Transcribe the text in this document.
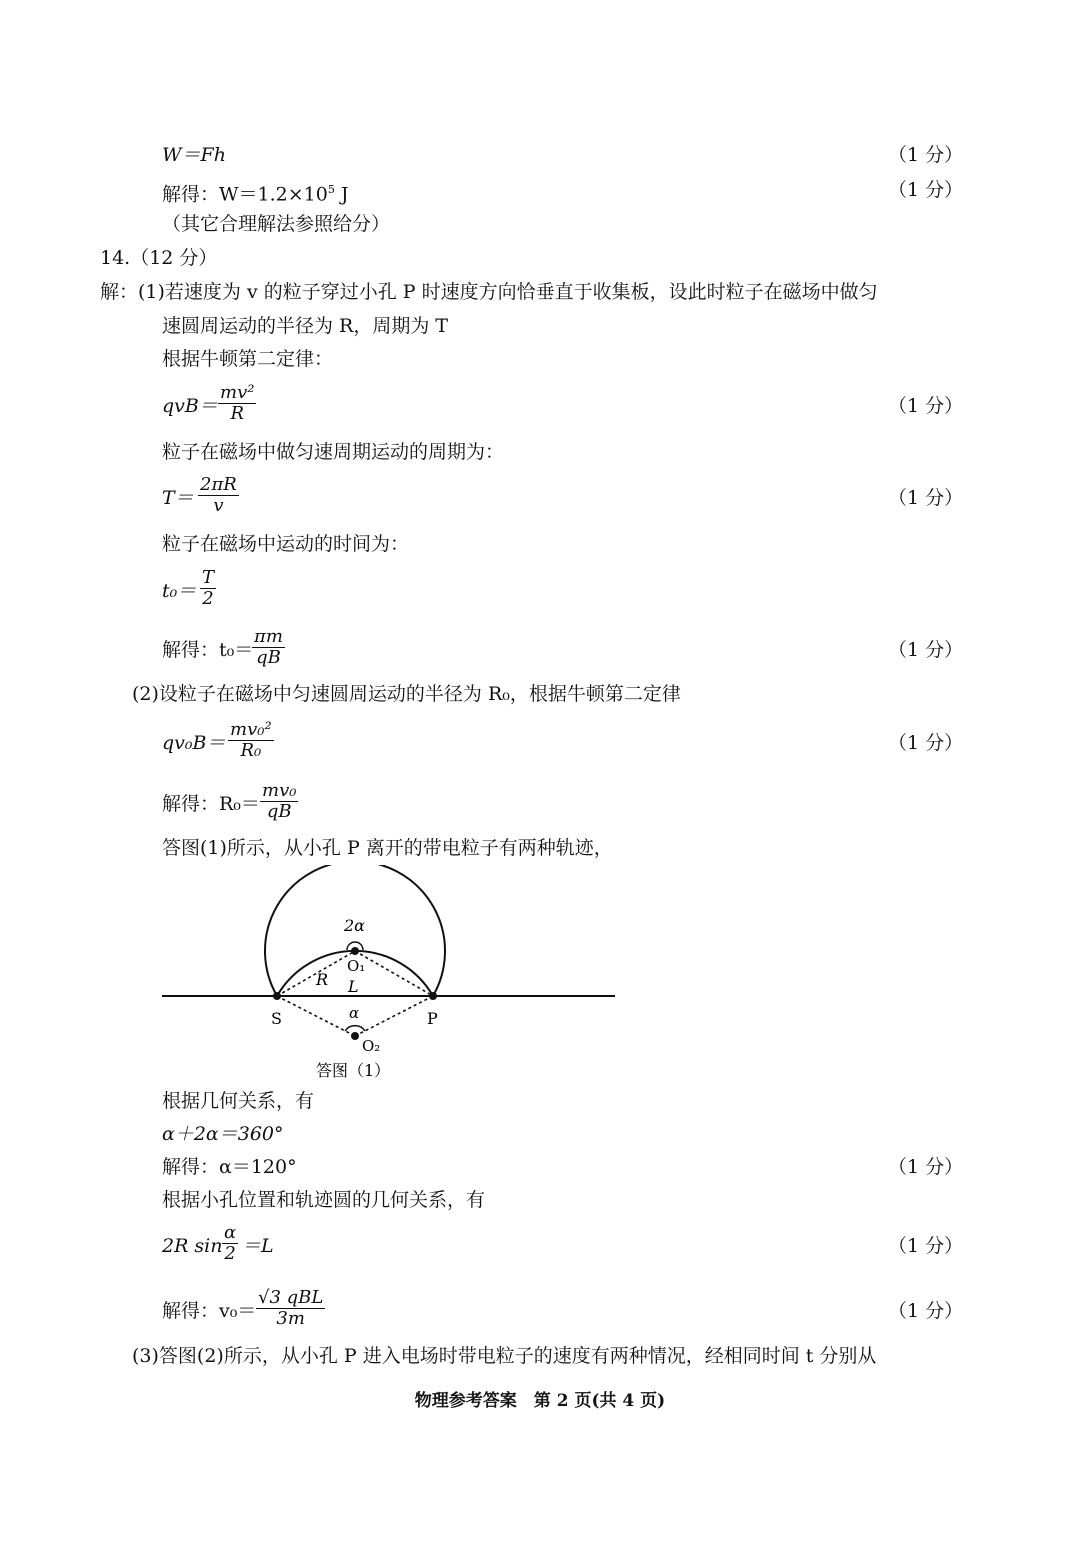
W＝Fh	（1 分）
解得：$W=1.2\times 10^5$ J	（1 分）
（其它合理解法参照给分）
14.（12 分）
解：(1)若速度为 v 的粒子穿过小孔 P 时速度方向恰垂直于收集板，设此时粒子在磁场中做匀
速圆周运动的半径为 R，周期为 T
根据牛顿第二定律：
$qvB= \frac{\text{mv²}}{R}$	（1 分）
粒子在磁场中做匀速周期运动的周期为：
$T= \frac{2\pi R}{v}$	（1 分）
粒子在磁场中运动的时间为：
$t_0= \frac{T}{2}$
解得：t₀＝
$\frac{\pi m}{qB}$	（1 分）
(2)设粒子在磁场中匀速圆周运动的半径为 R₀，根据牛顿第二定律
$qv_0B= \frac{\text{mv₀²}}{\text{R₀}}$	（1 分）
解得：$R_0= \frac{\text{mv₀}}{qB}$
答图(1)所示，从小孔 P 离开的带电粒子有两种轨迹，
2α
O₁
R L
S	P
α
O₂
答图（1）
根据几何关系，有
α＋2α＝360°
解得：α＝120°	（1 分）
根据小孔位置和轨迹圆的几何关系，有
2R $\sin \frac{\alpha}{2} =L$	（1 分）
解得：v₀＝
√3 qBL
3m	（1 分）
(3)答图(2)所示，从小孔 P 进入电场时带电粒子的速度有两种情况，经相同时间 t 分别从
物理参考答案　第 2 页(共 4 页)
